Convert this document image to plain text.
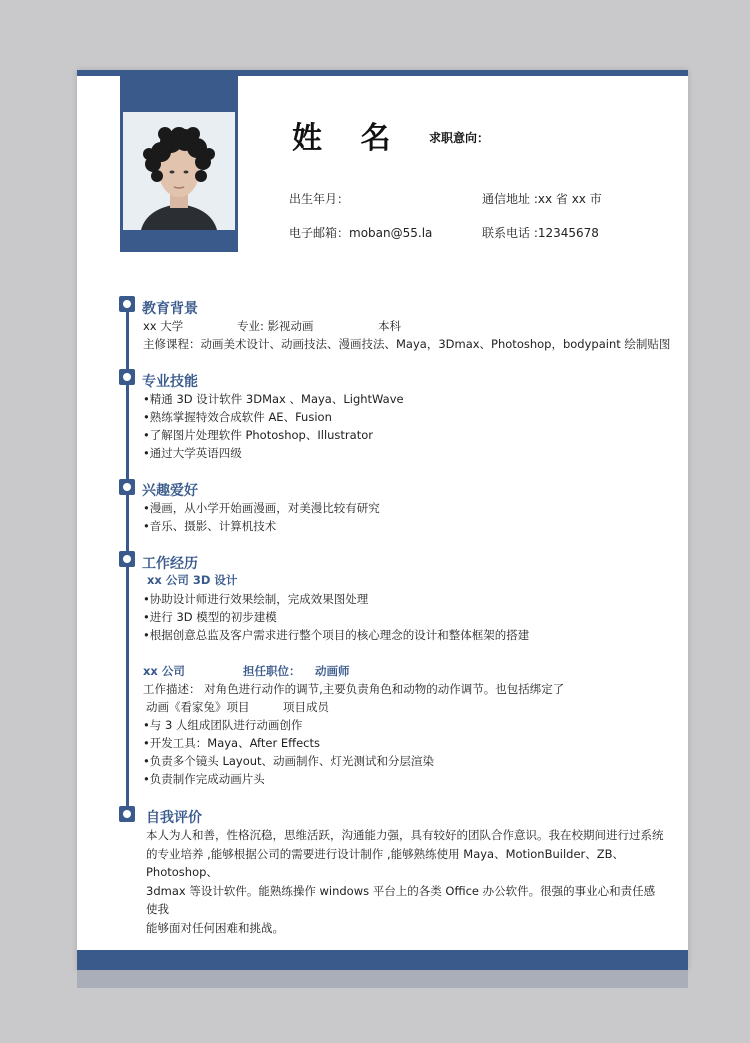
姓 名 求职意向：
出生年月：	通信地址 :xx 省 xx 市
电子邮箱：moban@55.la	联系电话 :12345678
教育背景
xx 大学	专业: 影视动画	本科
主修课程：动画美术设计、动画技法、漫画技法、Maya，3Dmax、Photoshop，bodypaint 绘制贴图
专业技能
•精通 3D 设计软件 3DMax 、Maya、LightWave
•熟练掌握特效合成软件 AE、Fusion
•了解图片处理软件 Photoshop、Illustrator
•通过大学英语四级
兴趣爱好
•漫画，从小学开始画漫画，对美漫比较有研究
•音乐、摄影、计算机技术
工作经历
xx 公司 3D 设计
•协助设计师进行效果绘制，完成效果图处理
•进行 3D 模型的初步建模
•根据创意总监及客户需求进行整个项目的核心理念的设计和整体框架的搭建
xx 公司	担任职位： 动画师
工作描述： 对角色进行动作的调节,主要负责角色和动物的动作调节。也包括绑定了
动画《看家兔》项目	项目成员
•与 3 人组成团队进行动画创作
•开发工具：Maya、After Effects
•负责多个镜头 Layout、动画制作、灯光测试和分层渲染
•负责制作完成动画片头
自我评价
本人为人和善，性格沉稳，思维活跃，沟通能力强，具有较好的团队合作意识。我在校期间进行过系统
的专业培养 ,能够根据公司的需要进行设计制作 ,能够熟练使用 Maya、MotionBuilder、ZB、Photoshop、
3dmax 等设计软件。能熟练操作 windows 平台上的各类 Office 办公软件。很强的事业心和责任感使我
能够面对任何困难和挑战。
